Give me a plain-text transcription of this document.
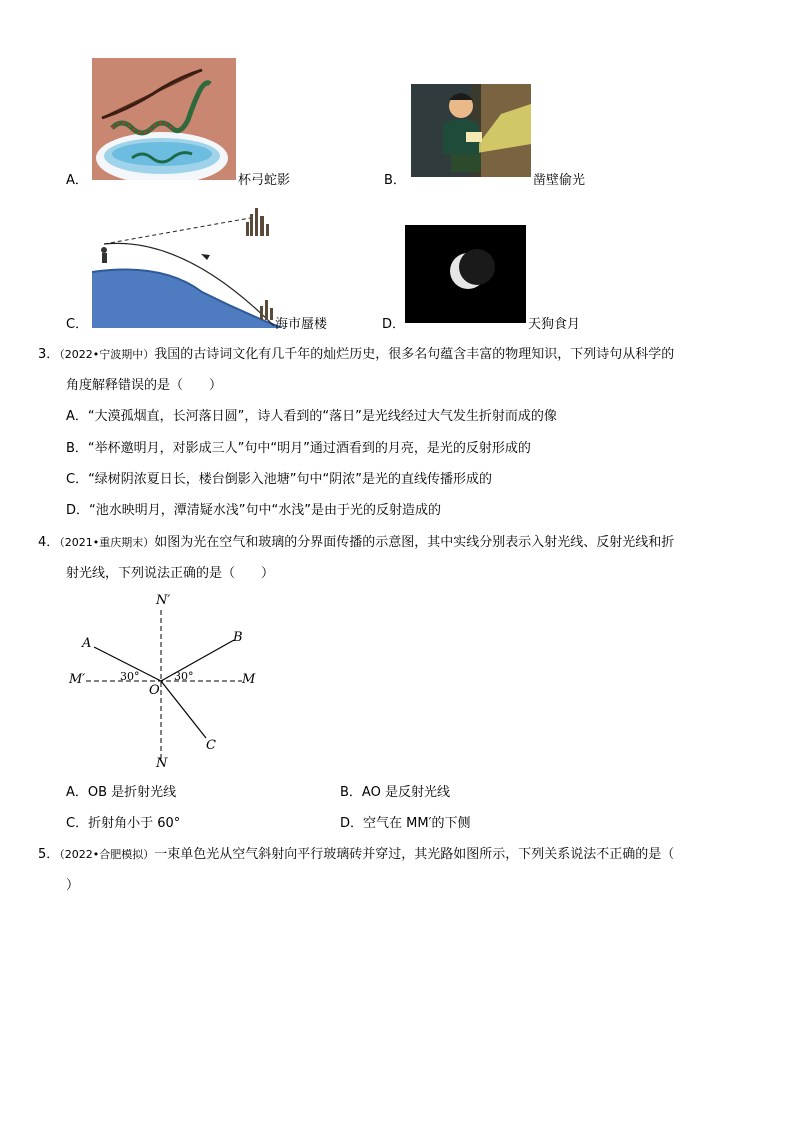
A．	杯弓蛇影	B．	凿壁偷光
C．	海市蜃楼	D．	天狗食月
3．（2022•宁波期中）我国的古诗词文化有几千年的灿烂历史，很多名句蕴含丰富的物理知识，下列诗句从科学的
角度解释错误的是（　　）
A．“大漠孤烟直，长河落日圆”，诗人看到的“落日”是光线经过大气发生折射而成的像
B．“举杯邀明月，对影成三人”句中“明月”通过酒看到的月亮，是光的反射形成的
C．“绿树阴浓夏日长，楼台倒影入池塘”句中“阴浓”是光的直线传播形成的
D．“池水映明月，潭清疑水浅”句中“水浅”是由于光的反射造成的
4．（2021•重庆期末）如图为光在空气和玻璃的分界面传播的示意图，其中实线分别表示入射光线、反射光线和折
射光线，下列说法正确的是（　　）
N′
N
M′	M
O
A	B
C
30°	30°
A．OB 是折射光线	B．AO 是反射光线
C．折射角小于 60°	D．空气在 MM′的下侧
5．（2022•合肥模拟）一束单色光从空气斜射向平行玻璃砖并穿过，其光路如图所示，下列关系说法不正确的是（
）
